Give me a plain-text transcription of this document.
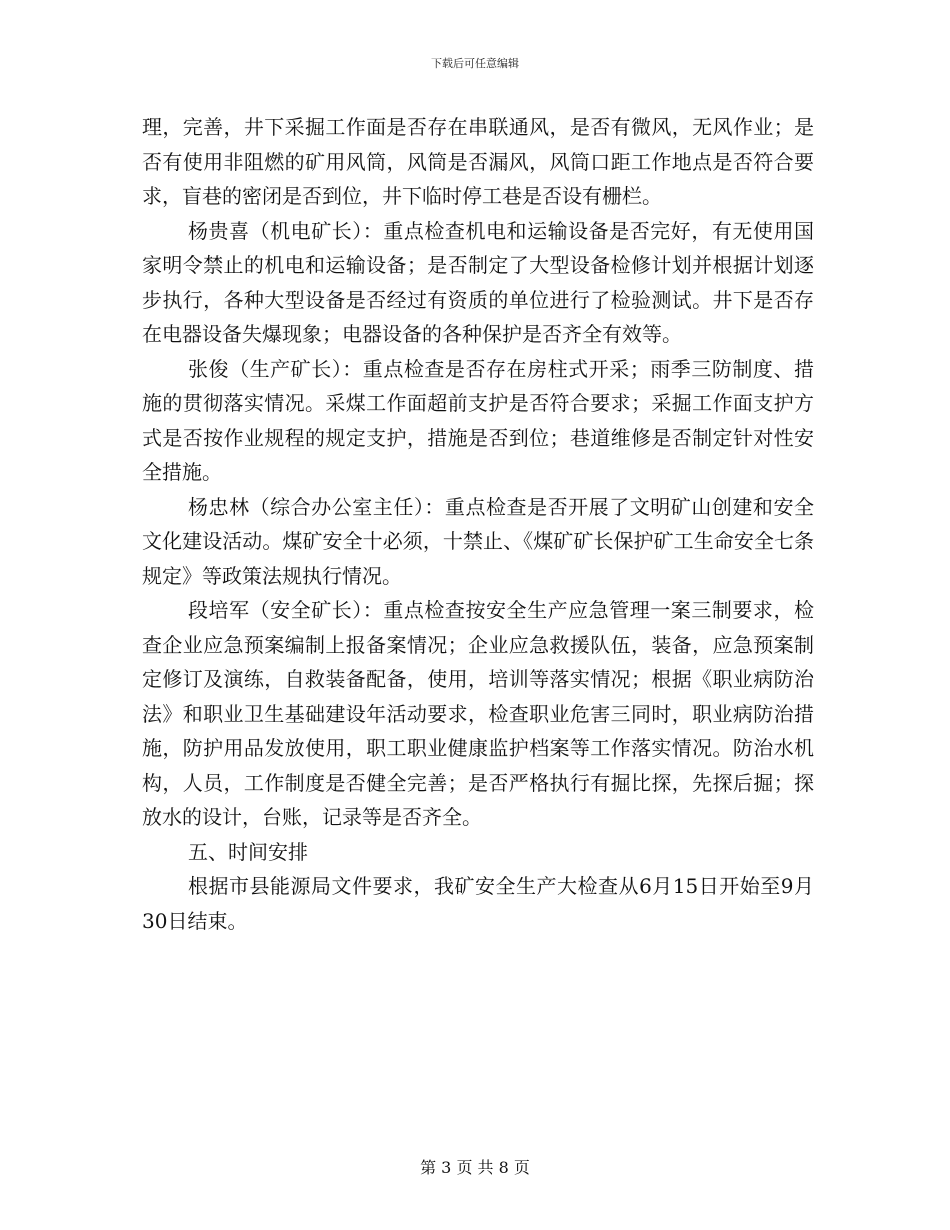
下载后可任意编辑

理，完善，井下采掘工作面是否存在串联通风，是否有微风，无风作业；是否有使用非阻燃的矿用风筒，风筒是否漏风，风筒口距工作地点是否符合要求，盲巷的密闭是否到位，井下临时停工巷是否设有栅栏。

杨贵喜（机电矿长）：重点检查机电和运输设备是否完好，有无使用国家明令禁止的机电和运输设备；是否制定了大型设备检修计划并根据计划逐步执行，各种大型设备是否经过有资质的单位进行了检验测试。井下是否存在电器设备失爆现象；电器设备的各种保护是否齐全有效等。

张俊（生产矿长）：重点检查是否存在房柱式开采；雨季三防制度、措施的贯彻落实情况。采煤工作面超前支护是否符合要求；采掘工作面支护方式是否按作业规程的规定支护，措施是否到位；巷道维修是否制定针对性安全措施。

杨忠林（综合办公室主任）：重点检查是否开展了文明矿山创建和安全文化建设活动。煤矿安全十必须，十禁止、《煤矿矿长保护矿工生命安全七条规定》等政策法规执行情况。

段培军（安全矿长）：重点检查按安全生产应急管理一案三制要求，检查企业应急预案编制上报备案情况；企业应急救援队伍，装备，应急预案制定修订及演练，自救装备配备，使用，培训等落实情况；根据《职业病防治法》和职业卫生基础建设年活动要求，检查职业危害三同时，职业病防治措施，防护用品发放使用，职工职业健康监护档案等工作落实情况。防治水机构，人员，工作制度是否健全完善；是否严格执行有掘比探，先探后掘；探放水的设计，台账，记录等是否齐全。

五、时间安排

根据市县能源局文件要求，我矿安全生产大检查从6月15日开始至9月30日结束。

第 3 页 共 8 页
